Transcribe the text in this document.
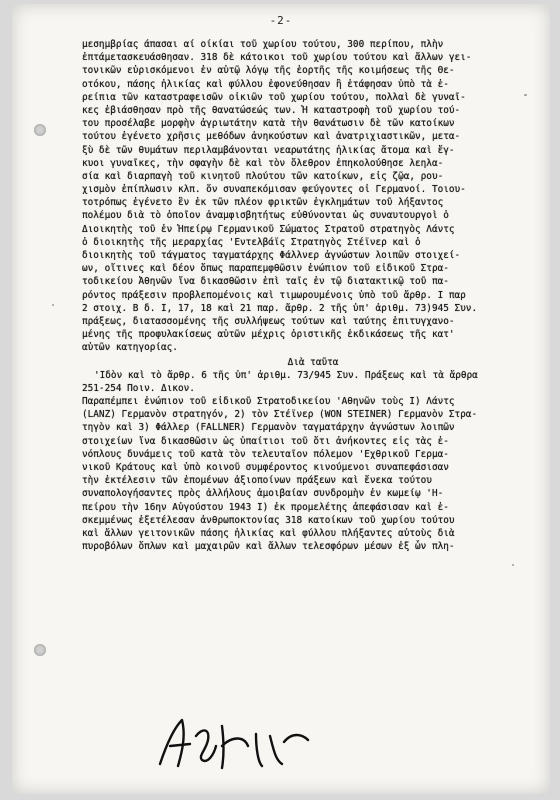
-2-
μεσημβρίας άπασαι αί οίκίαι τοῦ χωρίου τούτου, 300 περίπου, πλὴν
ἐπτάμετασκευάσθησαν. 318 δὲ κάτοικοι τοῦ χωρίου τούτου καὶ ἄλλων γει-
τονικῶν εὑρισκόμενοι ἐν αὐτῷ λόγῳ τῆς ἑορτῆς τῆς κοιμήσεως τῆς Θε-
οτόκου, πάσης ἡλικίας καὶ φύλλου ἐφονεύθησαν ἢ ἐτάφησαν ὑπὸ τὰ ἐ-
ρείπια τῶν καταστραφεισῶν οἰκιῶν τοῦ χωρίου τούτου, πολλαὶ δὲ γυναῖ-
κες ἐβιάσθησαν πρὸ τῆς θανατώσεώς των. Ἡ καταστροφὴ τοῦ χωρίου τού-
του προσέλαβε μορφὴν ἀγριωτάτην κατὰ τὴν θανάτωσιν δὲ τῶν κατοίκων
τούτου ἐγένετο χρῆσις μεθόδων ἀνηκούστων καὶ ἀνατριχιαστικῶν, μετα-
ξὺ δὲ τῶν θυμάτων περιλαμβάνονται νεαρωτάτης ἡλικίας ἄτομα καὶ ἔγ-
κυοι γυναῖκες, τὴν σφαγὴν δὲ καὶ τὸν ὄλεθρον ἐπηκολούθησε λεηλα-
σία καὶ διαρπαγὴ τοῦ κινητοῦ πλούτου τῶν κατοίκων, εἰς ζῷα, ρου-
χισμὸν ἐπίπλωσιν κλπ. ὅν συναπεκόμισαν φεύγοντες οἱ Γερμανοί. Τοιου-
τοτρόπως ἐγένετο ἓν ἐκ τῶν πλέον φρικτῶν ἐγκλημάτων τοῦ λήξαντος
πολέμου διὰ τὸ ὁποῖον ἀναμφισβητήτως εὐθύνονται ὡς συναυτουργοὶ ὁ
Διοικητὴς τοῦ ἐν Ἠπείρῳ Γερμανικοῦ Σώματος Στρατοῦ στρατηγὸς Λάντς
ὁ διοικητὴς τῆς μεραρχίας 'Εντελβάϊς Στρατηγὸς Στέϊνερ καὶ ὁ
διοικητὴς τοῦ τάγματος ταγματάρχης Φάλλνερ ἀγνώστων λοιπῶν στοιχεί-
ων, οἵτινες καὶ δέον ὅπως παραπεμφθῶσιν ἐνώπιον τοῦ εἰδικοῦ Στρα-
τοδικείου Ἀθηνῶν ἵνα δικασθῶσιν ἐπὶ ταῖς ἐν τῷ διατακτικῷ τοῦ πα-
ρόντος πράξεσιν προβλεπομένοις καὶ τιμωρουμένοις ὑπὸ τοῦ ἄρθρ. Ι παρ
2 στοιχ. Β δ. Ι, 17, 18 καὶ 21 παρ. ἄρθρ. 2 τῆς ὑπ' ἀριθμ. 73)945 Συν.
πράξεως, διατασσομένης τῆς συλλήψεως τούτων καὶ ταύτης ἐπιτυγχανο-
μένης τῆς προφυλακίσεως αὐτῶν μέχρις ὁριστικῆς ἐκδικάσεως τῆς κατ'
αὐτῶν κατηγορίας.
Διὰ ταῦτα
'Ιδὸν καὶ τὸ ἄρθρ. 6 τῆς ὑπ' ἀριθμ. 73/945 Συν. Πράξεως καὶ τὰ ἄρθρα
251-254 Ποιν. Δικον.
Παραπέμπει ἐνώπιον τοῦ εἰδικοῦ Στρατοδικείου 'Αθηνῶν τοὺς Ι) Λάντς
(LANZ) Γερμανὸν στρατηγόν, 2) τὸν Στέϊνερ (WON STEINER) Γερμανὸν Στρα-
τηγὸν καὶ 3) Φάλλερ (FALLNER) Γερμανὸν ταγματάρχην ἀγνώστων λοιπῶν
στοιχείων ἵνα δικασθῶσιν ὡς ὑπαίτιοι τοῦ ὅτι ἀνήκοντες εἰς τὰς ἐ-
νόπλους δυνάμεις τοῦ κατὰ τὸν τελευταῖον πόλεμον 'Εχθρικοῦ Γερμα-
νικοῦ Κράτους καὶ ὑπὸ κοινοῦ συμφέροντος κινούμενοι συναπεφάσισαν
τὴν ἐκτέλεσιν τῶν ἑπομένων ἀξιοποίνων πράξεων καὶ ἕνεκα τούτου
συναπολογήσαντες πρὸς ἀλλήλους ἀμοιβαίαν συνδρομὴν ἐν κωμείῳ 'Η-
πείρου τὴν 16ην Αὐγούστου 1943 Ι) ἐκ προμελέτης ἀπεφάσισαν καὶ ἐ-
σκεμμένως ἐξετέλεσαν ἀνθρωποκτονίας 318 κατοίκων τοῦ χωρίου τούτου
καὶ ἄλλων γειτονικῶν πάσης ἡλικίας καὶ φύλλου πλήξαντες αὐτοὺς διὰ
πυροβόλων ὅπλων καὶ μαχαιρῶν καὶ ἄλλων τελεσφόρων μέσων ἐξ ὧν πλη-
